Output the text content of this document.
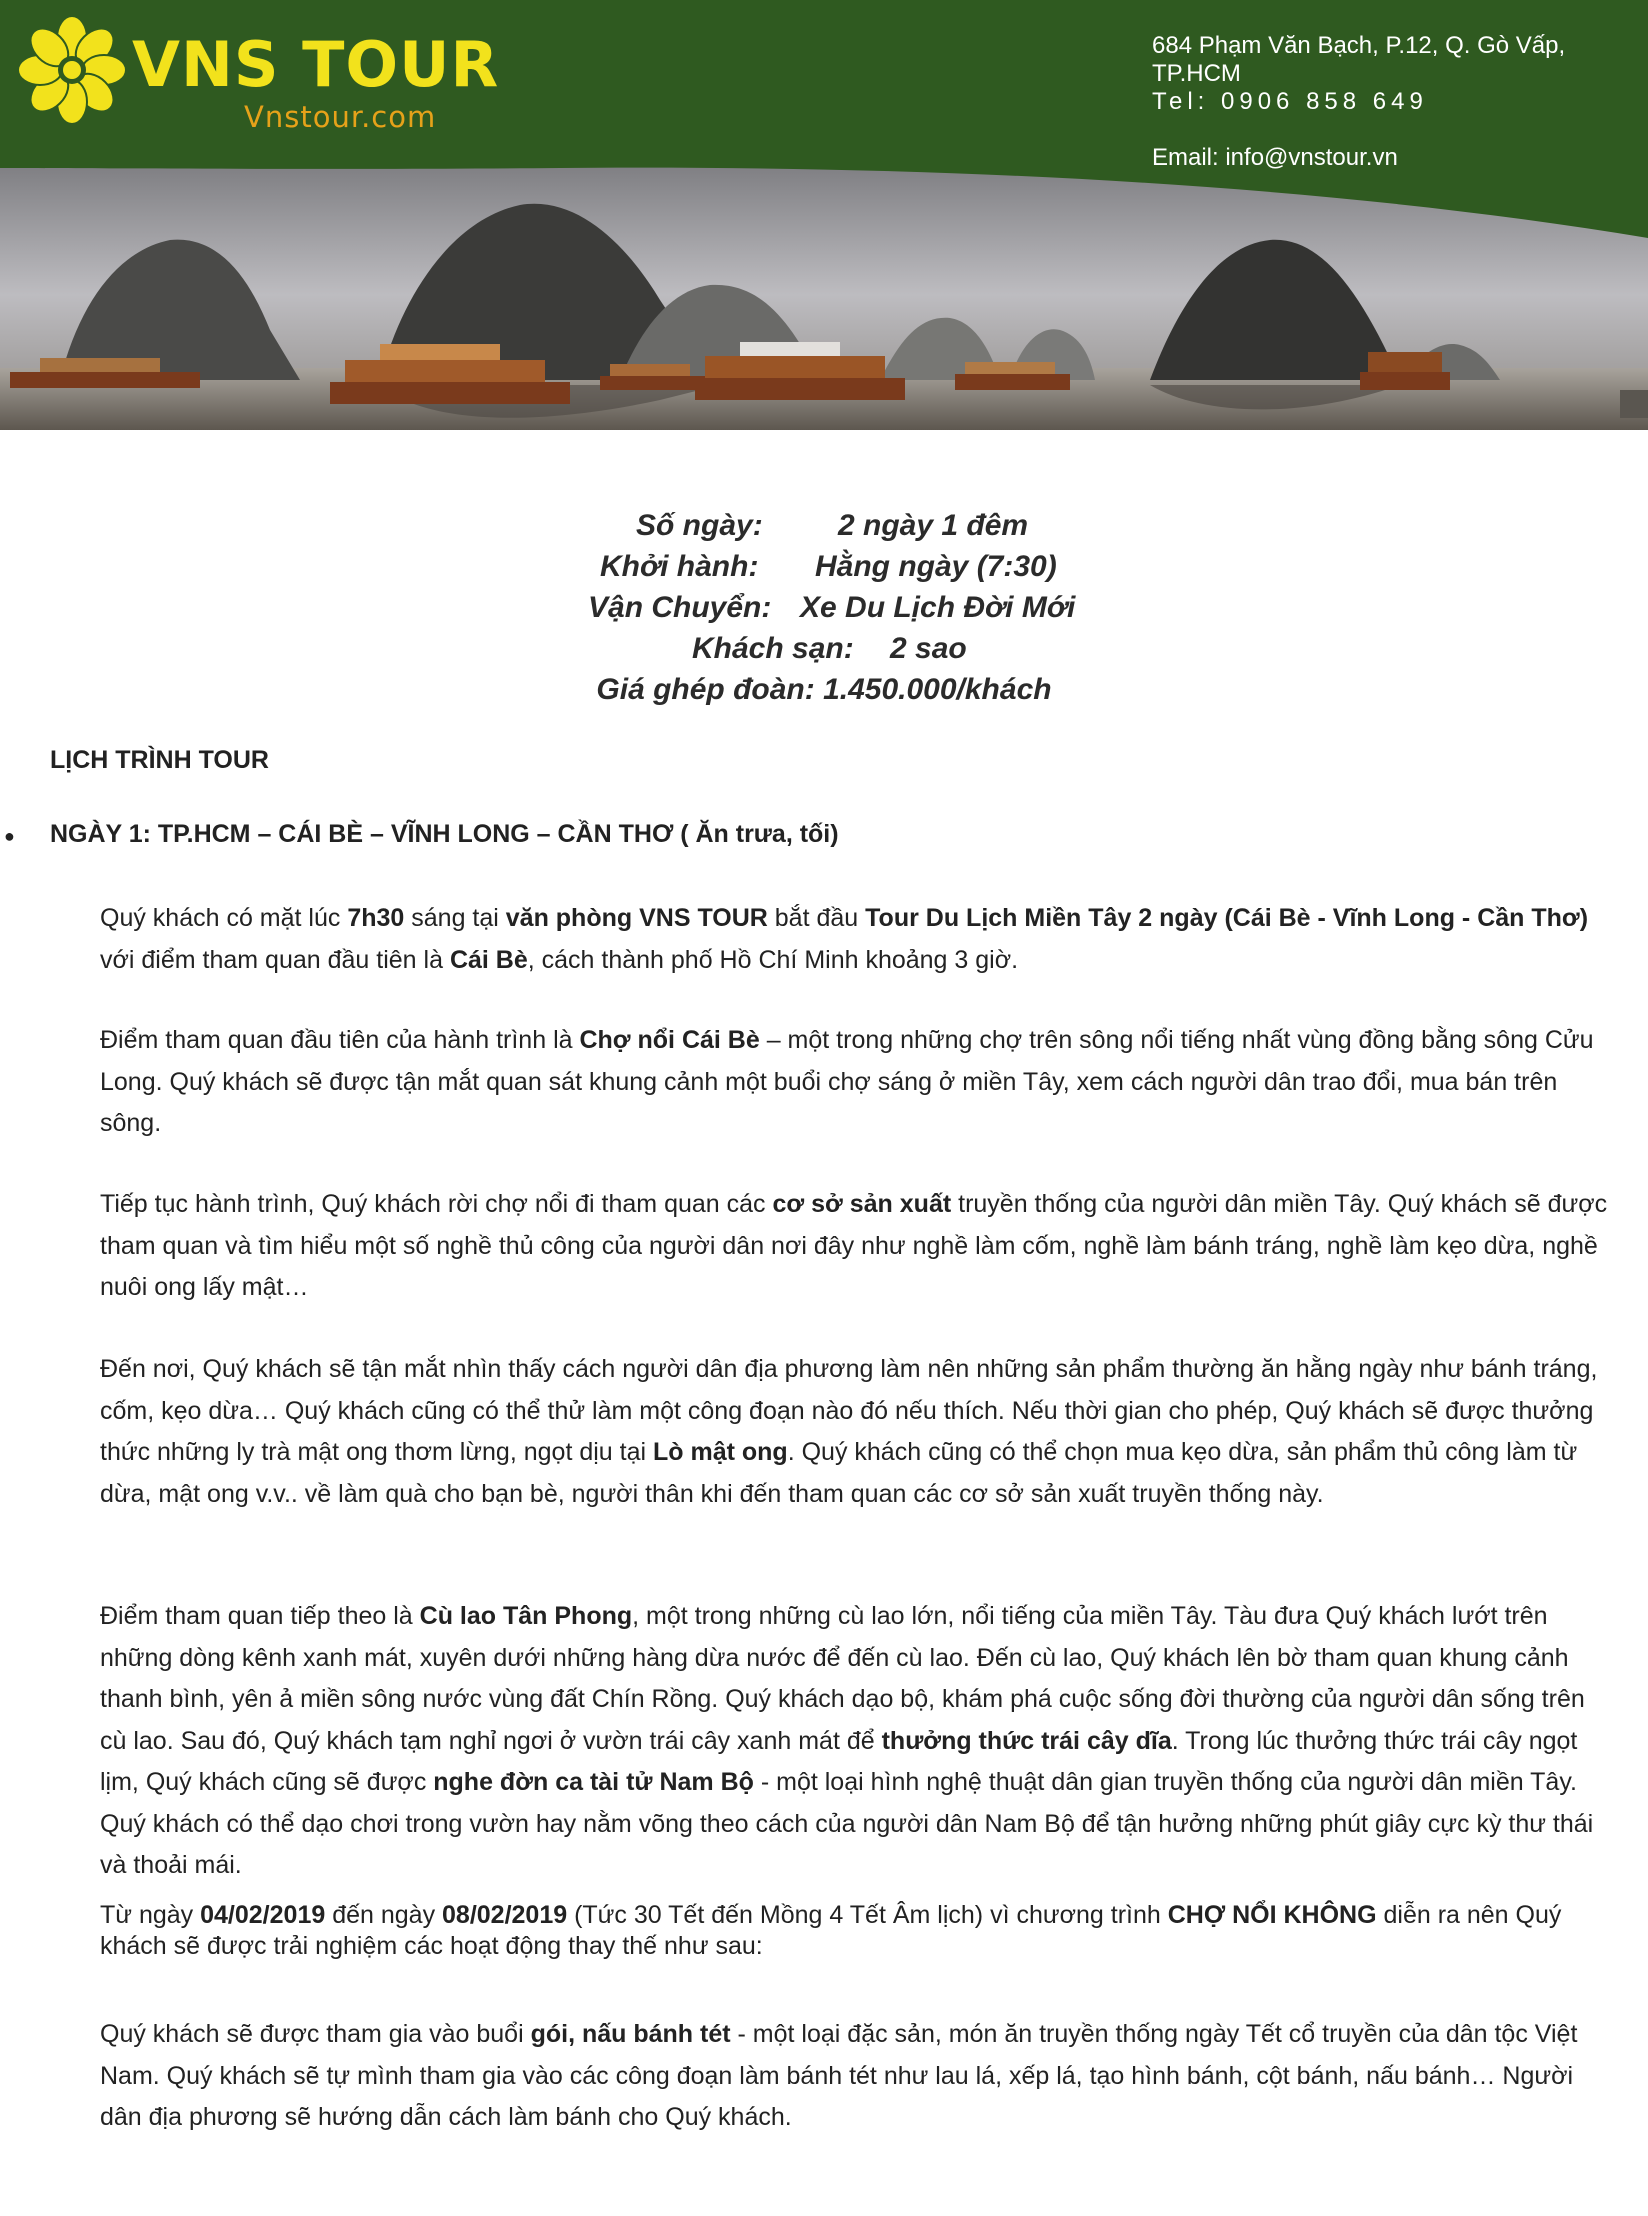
VNS TOUR
Vnstour.com
684 Phạm Văn Bạch, P.12, Q. Gò Vấp, TP.HCM
Tel: 0906 858 649
Email: info@vnstour.vn
Số ngày:	2 ngày 1 đêm
Khởi hành: Hằng ngày (7:30)
Vận Chuyển: Xe Du Lịch Đời Mới
Khách sạn: 2 sao
Giá ghép đoàn: 1.450.000/khách
LỊCH TRÌNH TOUR
● NGÀY 1: TP.HCM – CÁI BÈ – VĨNH LONG – CẦN THƠ ( Ăn trưa, tối)

Quý khách có mặt lúc 7h30 sáng tại văn phòng VNS TOUR bắt đầu Tour Du Lịch Miền Tây 2 ngày (Cái Bè - Vĩnh Long - Cần Thơ) với điểm tham quan đầu tiên là Cái Bè, cách thành phố Hồ Chí Minh khoảng 3 giờ.

Điểm tham quan đầu tiên của hành trình là Chợ nổi Cái Bè – một trong những chợ trên sông nổi tiếng nhất vùng đồng bằng sông Cửu Long. Quý khách sẽ được tận mắt quan sát khung cảnh một buổi chợ sáng ở miền Tây, xem cách người dân trao đổi, mua bán trên sông.

Tiếp tục hành trình, Quý khách rời chợ nổi đi tham quan các cơ sở sản xuất truyền thống của người dân miền Tây. Quý khách sẽ được tham quan và tìm hiểu một số nghề thủ công của người dân nơi đây như nghề làm cốm, nghề làm bánh tráng, nghề làm kẹo dừa, nghề nuôi ong lấy mật…

Đến nơi, Quý khách sẽ tận mắt nhìn thấy cách người dân địa phương làm nên những sản phẩm thường ăn hằng ngày như bánh tráng, cốm, kẹo dừa… Quý khách cũng có thể thử làm một công đoạn nào đó nếu thích. Nếu thời gian cho phép, Quý khách sẽ được thưởng thức những ly trà mật ong thơm lừng, ngọt dịu tại Lò mật ong. Quý khách cũng có thể chọn mua kẹo dừa, sản phẩm thủ công làm từ dừa, mật ong v.v.. về làm quà cho bạn bè, người thân khi đến tham quan các cơ sở sản xuất truyền thống này.

Điểm tham quan tiếp theo là Cù lao Tân Phong, một trong những cù lao lớn, nổi tiếng của miền Tây. Tàu đưa Quý khách lướt trên những dòng kênh xanh mát, xuyên dưới những hàng dừa nước để đến cù lao. Đến cù lao, Quý khách lên bờ tham quan khung cảnh thanh bình, yên ả miền sông nước vùng đất Chín Rồng. Quý khách dạo bộ, khám phá cuộc sống đời thường của người dân sống trên cù lao. Sau đó, Quý khách tạm nghỉ ngơi ở vườn trái cây xanh mát để thưởng thức trái cây dĩa. Trong lúc thưởng thức trái cây ngọt lịm, Quý khách cũng sẽ được nghe đờn ca tài tử Nam Bộ - một loại hình nghệ thuật dân gian truyền thống của người dân miền Tây. Quý khách có thể dạo chơi trong vườn hay nằm võng theo cách của người dân Nam Bộ để tận hưởng những phút giây cực kỳ thư thái và thoải mái.

Từ ngày 04/02/2019 đến ngày 08/02/2019 (Tức 30 Tết đến Mồng 4 Tết Âm lịch) vì chương trình CHỢ NỔI KHÔNG diễn ra nên Quý khách sẽ được trải nghiệm các hoạt động thay thế như sau:

Quý khách sẽ được tham gia vào buổi gói, nấu bánh tét - một loại đặc sản, món ăn truyền thống ngày Tết cổ truyền của dân tộc Việt Nam. Quý khách sẽ tự mình tham gia vào các công đoạn làm bánh tét như lau lá, xếp lá, tạo hình bánh, cột bánh, nấu bánh… Người dân địa phương sẽ hướng dẫn cách làm bánh cho Quý khách.
